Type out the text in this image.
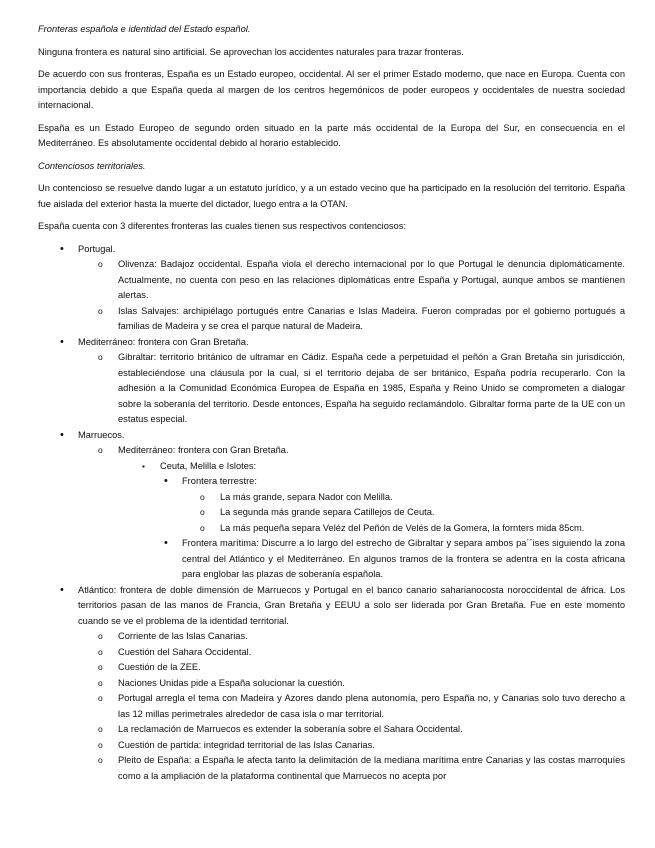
Fronteras española e identidad del Estado español.

Ninguna frontera es natural sino artificial. Se aprovechan los accidentes naturales para trazar fronteras.

De acuerdo con sus fronteras, España es un Estado europeo, occidental. Al ser el primer Estado moderno, que nace en Europa. Cuenta con importancia debido a que España queda al margen de los centros hegemónicos de poder europeos y occidentales de nuestra sociedad internacional.

España es un Estado Europeo de segundo orden situado en la parte más occidental de la Europa del Sur, en consecuencia en el Mediterráneo. Es absolutamente occidental debido al horario establecido.

Contenciosos territoriales.

Un contencioso se resuelve dando lugar a un estatuto jurídico, y a un estado vecino que ha participado en la resolución del territorio. España fue aislada del exterior hasta la muerte del dictador, luego entra a la OTAN.

España cuenta con 3 diferentes fronteras las cuales tienen sus respectivos contenciosos:

• Portugal.
o Olivenza: Badajoz occidental. España viola el derecho internacional por lo que Portugal le denuncia diplomáticamente. Actualmente, no cuenta con peso en las relaciones diplomáticas entre España y Portugal, aunque ambos se mantienen alertas.
o Islas Salvajes: archipiélago portugués entre Canarias e Islas Madeira. Fueron compradas por el gobierno portugués a familias de Madeira y se crea el parque natural de Madeira.
• Mediterráneo: frontera con Gran Bretaña.
o Gibraltar: territorio británico de ultramar en Cádiz. España cede a perpetuidad el peñón a Gran Bretaña sin jurisdicción, estableciéndose una cláusula por la cual, si el territorio dejaba de ser británico, España podría recuperarlo. Con la adhesión a la Comunidad Económica Europea de España en 1985, España y Reino Unido se comprometen a dialogar sobre la soberanía del territorio. Desde entonces, España ha seguido reclamándolo. Gibraltar forma parte de la UE con un estatus especial.
• Marruecos.
o Mediterráneo: frontera con Gran Bretaña.
▪ Ceuta, Melilla e Islotes:
• Frontera terrestre:
o La más grande, separa Nador con Melilla.
o La segunda más grande separa Catillejos de Ceuta.
o La más pequeña separa Veléz del Peñón de Velés de la Gomera, la fornters mida 85cm.
• Frontera marítima: Discurre a lo largo del estrecho de Gibraltar y separa ambos pa´´ises siguiendo la zona central del Atlántico y el Mediterráneo. En algunos tramos de la frontera se adentra en la costa africana para englobar las plazas de soberanía española.
• Atlántico: frontera de doble dimensión de Marruecos y Portugal en el banco canario saharianocosta noroccidental de áfrica. Los territorios pasan de las manos de Francia, Gran Bretaña y EEUU a solo ser liderada por Gran Bretaña. Fue en este momento cuando se ve el problema de la identidad territorial.
o Corriente de las Islas Canarias.
o Cuestión del Sahara Occidental.
o Cuestión de la ZEE.
o Naciones Unidas pide a España solucionar la cuestión.
o Portugal arregla el tema con Madeira y Azores dando plena autonomía, pero España no, y Canarias solo tuvo derecho a las 12 millas perimetrales alrededor de casa isla o mar territorial.
o La reclamación de Marruecos es extender la soberanía sobre el Sahara Occidental.
o Cuestión de partida: integridad territorial de las Islas Canarias.
o Pleito de España: a España le afecta tanto la delimitación de la mediana marítima entre Canarias y las costas marroquíes como a la ampliación de la plataforma continental que Marruecos no acepta por
